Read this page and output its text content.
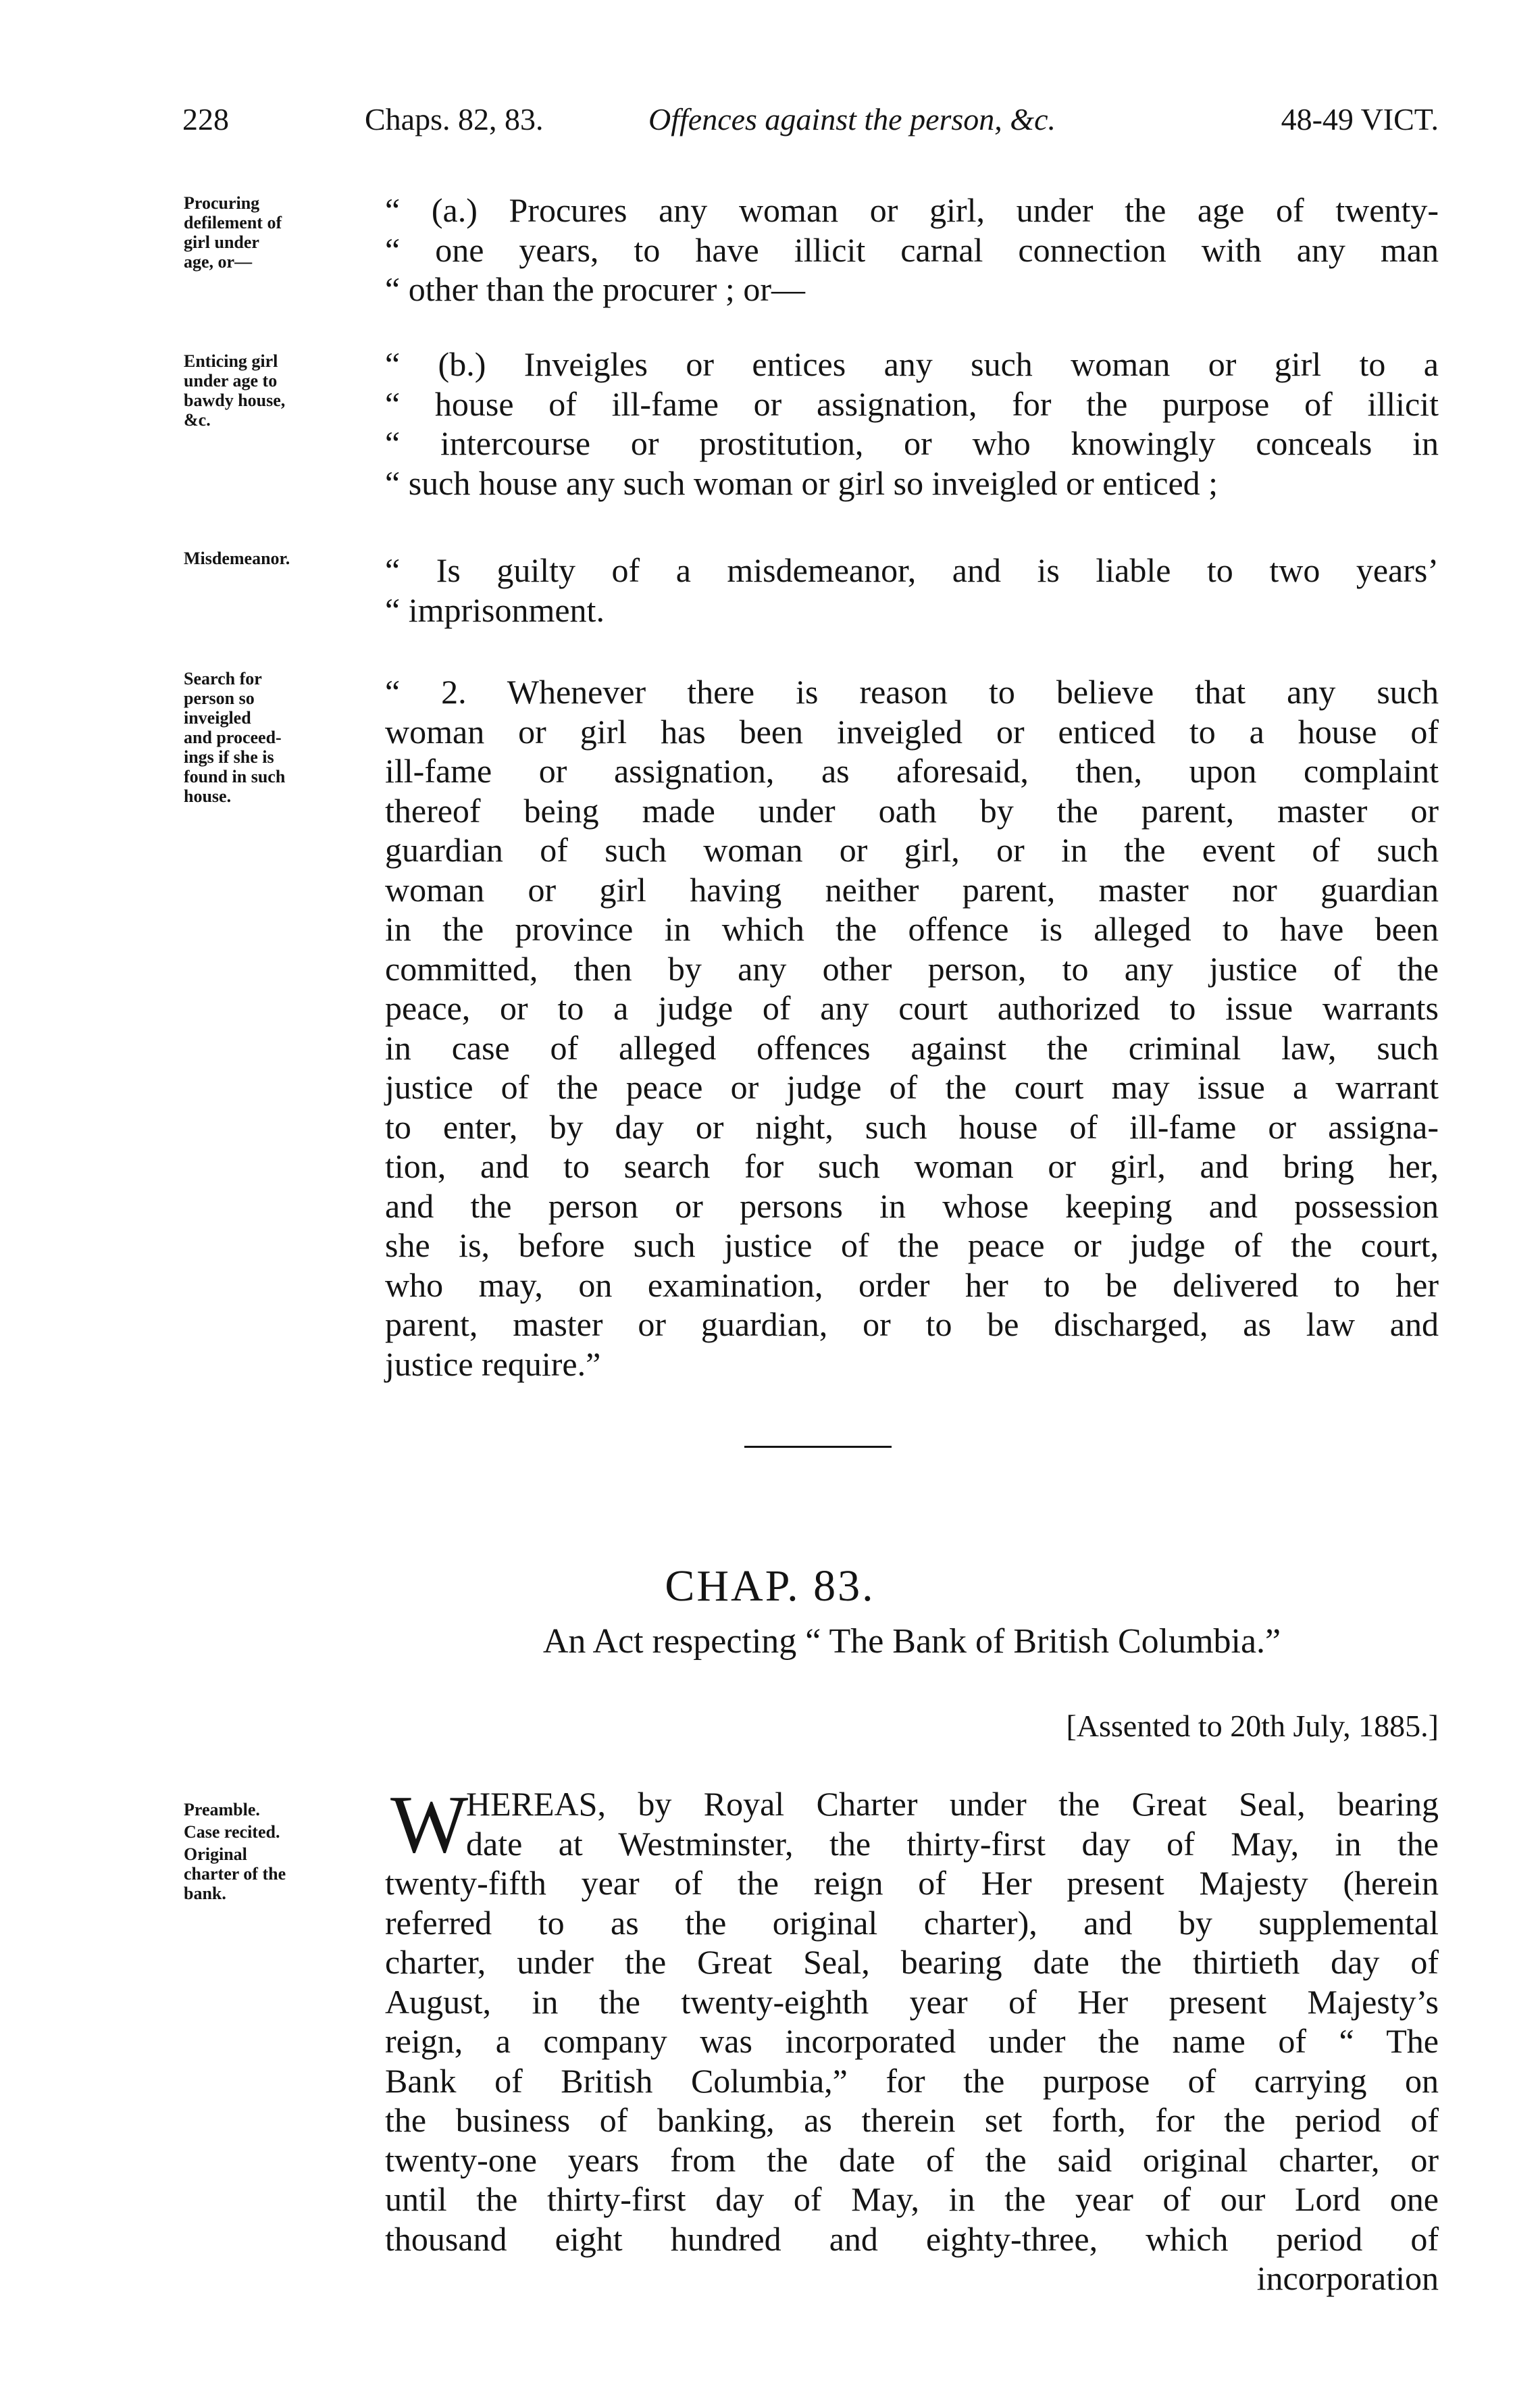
228	Chaps. 82, 83.	Offences against the person, &c.	48-49 VICT.
Procuring
defilement of
girl under
age, or—
“ (a.) Procures any woman or girl, under the age of twenty-
“ one years, to have illicit carnal connection with any man
“ other than the procurer ; or—
Enticing girl
under age to
bawdy house,
&c.
“ (b.) Inveigles or entices any such woman or girl to a
“ house of ill-fame or assignation, for the purpose of illicit
“ intercourse or prostitution, or who knowingly conceals in
“ such house any such woman or girl so inveigled or enticed ;
Misdemeanor.	“ Is guilty of a misdemeanor, and is liable to two years’
“ imprisonment.
Search for
person so
inveigled
and proceed-
ings if she is
found in such
house.
“ 2. Whenever there is reason to believe that any such
woman or girl has been inveigled or enticed to a house of
ill-fame or assignation, as aforesaid, then, upon complaint
thereof being made under oath by the parent, master or
guardian of such woman or girl, or in the event of such
woman or girl having neither parent, master nor guardian
in the province in which the offence is alleged to have been
committed, then by any other person, to any justice of the
peace, or to a judge of any court authorized to issue warrants
in case of alleged offences against the criminal law, such
justice of the peace or judge of the court may issue a warrant
to enter, by day or night, such house of ill-fame or assigna-
tion, and to search for such woman or girl, and bring her,
and the person or persons in whose keeping and possession
she is, before such justice of the peace or judge of the court,
who may, on examination, order her to be delivered to her
parent, master or guardian, or to be discharged, as law and
justice require.”
CHAP. 83.
An Act respecting “ The Bank of British Columbia.”
[Assented to 20th July, 1885.]
Preamble.
Case recited.
Original
charter of the
bank.
W
HEREAS, by Royal Charter under the Great Seal, bearing
date at Westminster, the thirty-first day of May, in the
twenty-fifth year of the reign of Her present Majesty (herein
referred to as the original charter), and by supplemental
charter, under the Great Seal, bearing date the thirtieth day of
August, in the twenty-eighth year of Her present Majesty’s
reign, a company was incorporated under the name of “ The
Bank of British Columbia,” for the purpose of carrying on
the business of banking, as therein set forth, for the period of
twenty-one years from the date of the said original charter, or
until the thirty-first day of May, in the year of our Lord one
thousand eight hundred and eighty-three, which period of
incorporation
